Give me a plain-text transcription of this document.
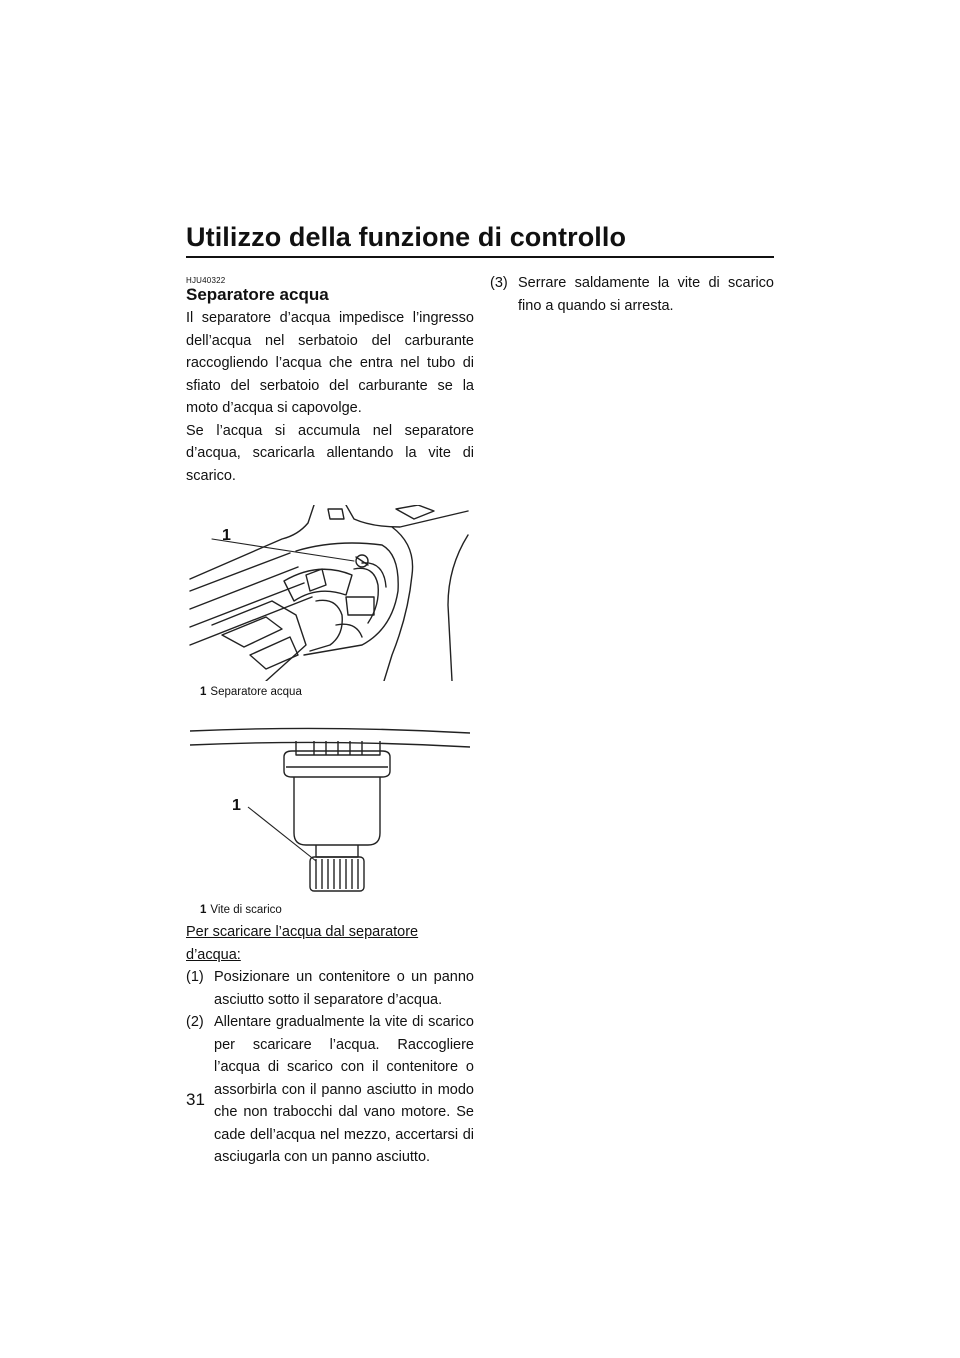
Utilizzo della funzione di controllo
HJU40322
Separatore acqua

Il separatore d’acqua impedisce l’ingresso dell’acqua nel serbatoio del carburante raccogliendo l’acqua che entra nel tubo di sfiato del serbatoio del carburante se la moto d’acqua si capovolge.

Se l’acqua si accumula nel separatore d’acqua, scaricarla allentando la vite di scarico.

1
1 Separatore acqua
1
1 Vite di scarico
Per scaricare l’acqua dal separatore d’acqua:

(1) Posizionare un contenitore o un panno asciutto sotto il separatore d’acqua.

(2) Allentare gradualmente la vite di scarico per scaricare l’acqua. Raccogliere l’acqua di scarico con il contenitore o assorbirla con il panno asciutto in modo che non trabocchi dal vano motore. Se cade dell’acqua nel mezzo, accertarsi di asciugarla con un panno asciutto.

(3) Serrare saldamente la vite di scarico fino a quando si arresta.

31
